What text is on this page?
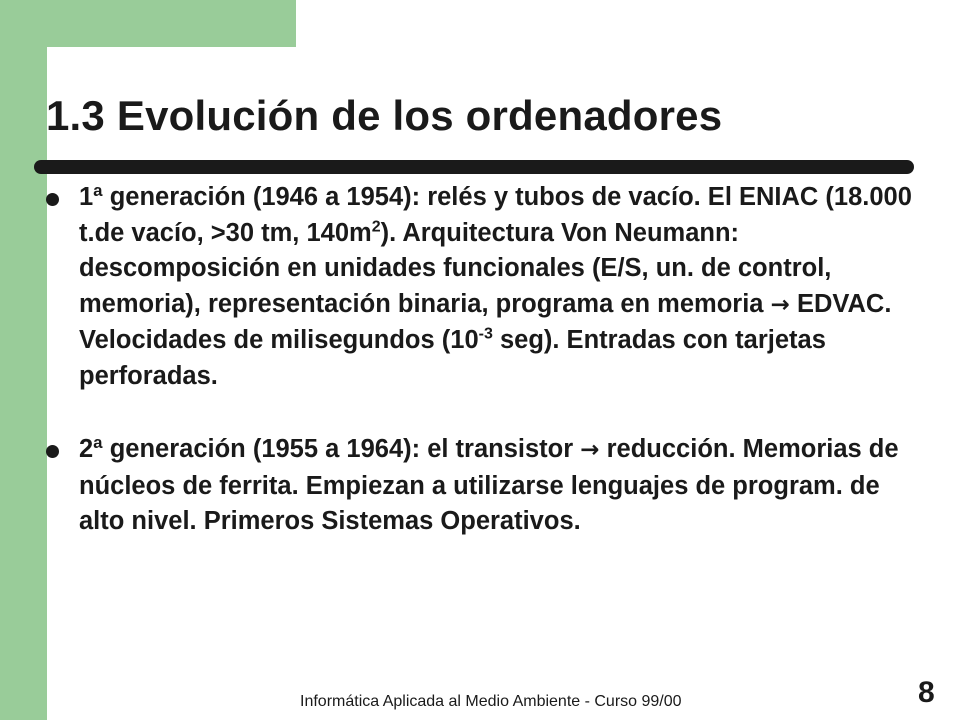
1.3 Evolución de los ordenadores
1ª generación (1946 a 1954): relés y tubos de vacío. El ENIAC (18.000 t.de vacío, >30 tm, $140m^2$). Arquitectura Von Neumann: descomposición en unidades funcionales (E/S, un. de control, memoria), representación binaria, programa en memoria → EDVAC. Velocidades de milisegundos ($10^{-3}$ seg). Entradas con tarjetas perforadas.
2ª generación (1955 a 1964): el transistor → reducción. Memorias de núcleos de ferrita. Empiezan a utilizarse lenguajes de program. de alto nivel. Primeros Sistemas Operativos.
Informática Aplicada al Medio Ambiente - Curso 99/00	8
